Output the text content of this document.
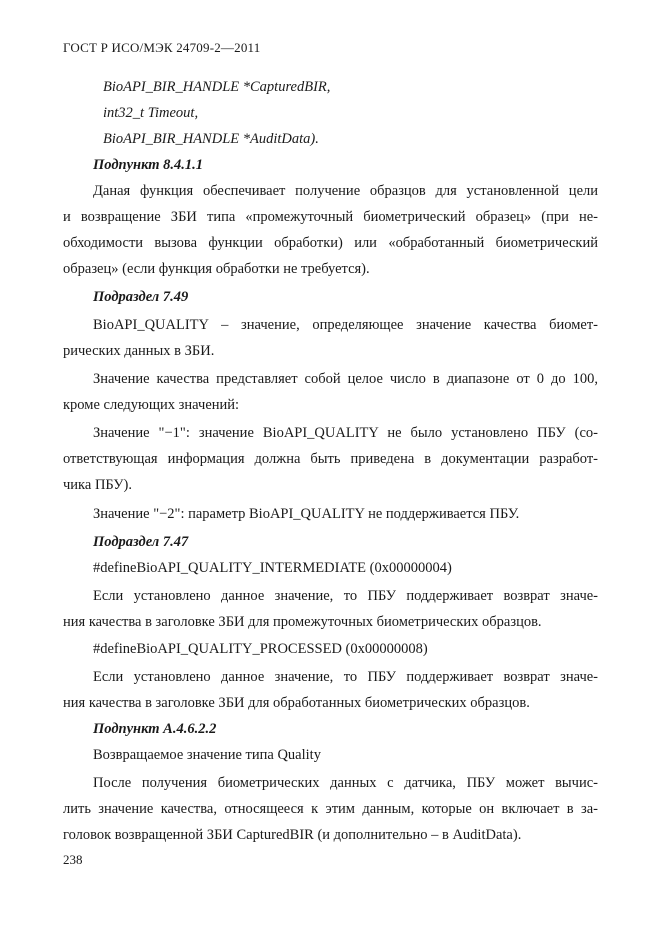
ГОСТ Р ИСО/МЭК 24709-2—2011
BioAPI_BIR_HANDLE *CapturedBIR,
int32_t Timeout,
BioAPI_BIR_HANDLE *AuditData).
Подпункт 8.4.1.1
Даная функция обеспечивает получение образцов для установленной цели
и возвращение ЗБИ типа «промежуточный биометрический образец» (при не-
обходимости вызова функции обработки) или «обработанный биометрический
образец» (если функция обработки не требуется).
Подраздел 7.49
BioAPI_QUALITY – значение, определяющее значение качества биомет-
рических данных в ЗБИ.
Значение качества представляет собой целое число в диапазоне от 0 до 100,
кроме следующих значений:
Значение "−1": значение BioAPI_QUALITY не было установлено ПБУ (со-
ответствующая информация должна быть приведена в документации разработ-
чика ПБУ).
Значение "−2": параметр BioAPI_QUALITY не поддерживается ПБУ.
Подраздел 7.47
#defineBioAPI_QUALITY_INTERMEDIATE (0x00000004)
Если установлено данное значение, то ПБУ поддерживает возврат значе-
ния качества в заголовке ЗБИ для промежуточных биометрических образцов.
#defineBioAPI_QUALITY_PROCESSED (0x00000008)
Если установлено данное значение, то ПБУ поддерживает возврат значе-
ния качества в заголовке ЗБИ для обработанных биометрических образцов.
Подпункт A.4.6.2.2
Возвращаемое значение типа Quality
После получения биометрических данных с датчика, ПБУ может вычис-
лить значение качества, относящееся к этим данным, которые он включает в за-
головок возвращенной ЗБИ CapturedBIR (и дополнительно – в AuditData).
238
